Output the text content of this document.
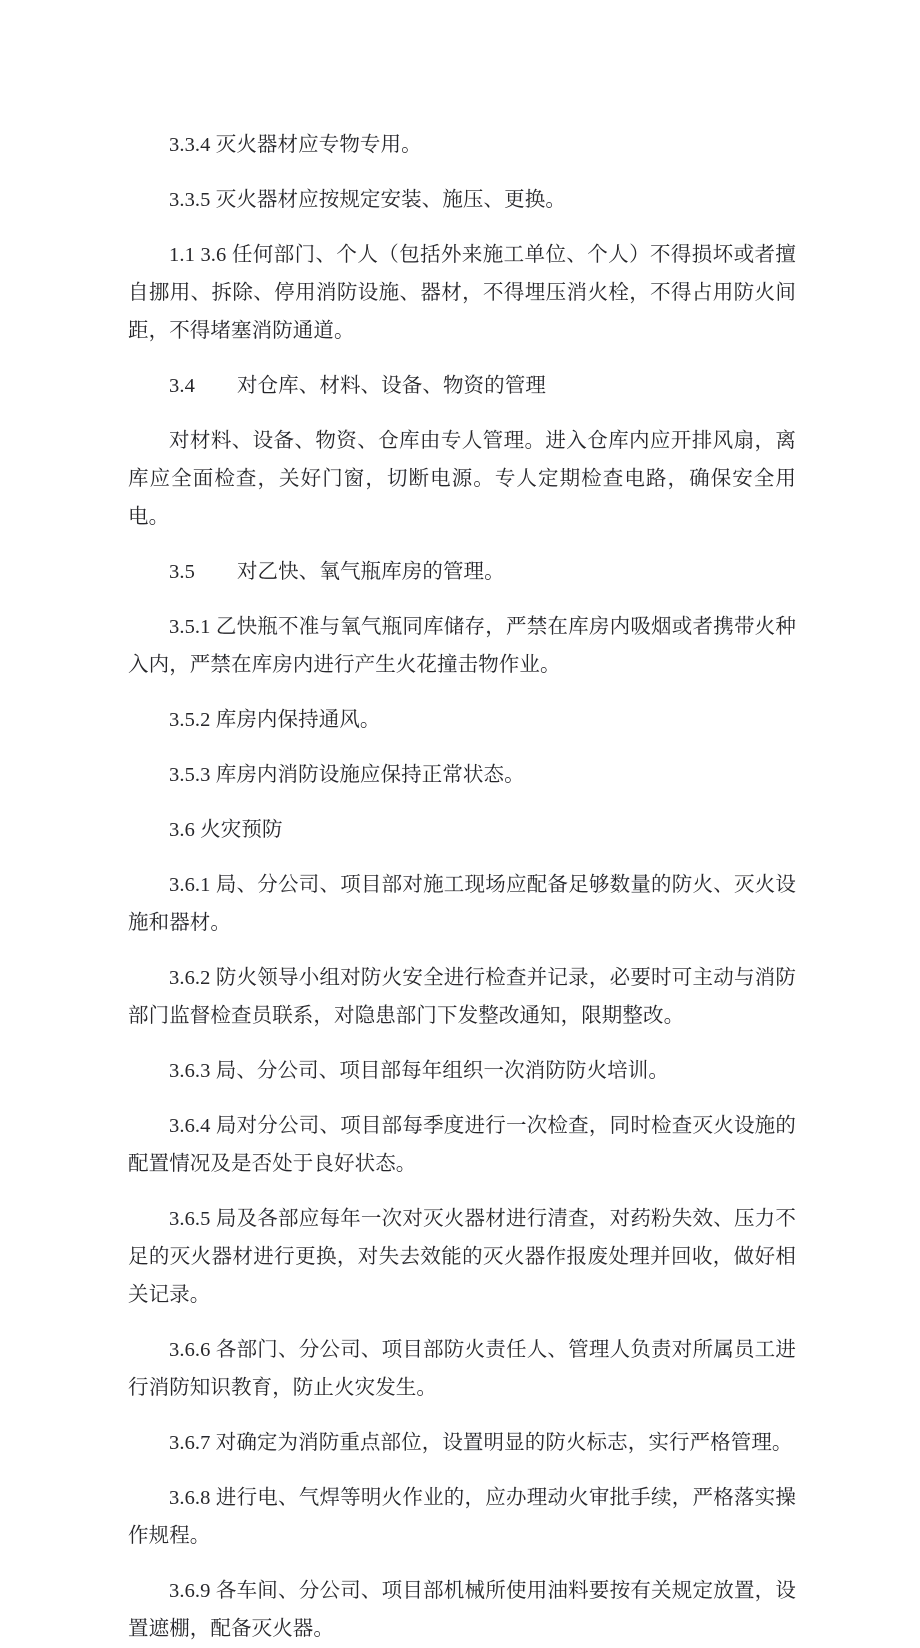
3.3.4 灭火器材应专物专用。

3.3.5 灭火器材应按规定安装、施压、更换。

1.1 3.6 任何部门、个人（包括外来施工单位、个人）不得损坏或者擅自挪用、拆除、停用消防设施、器材，不得埋压消火栓，不得占用防火间距，不得堵塞消防通道。

3.4 对仓库、材料、设备、物资的管理

对材料、设备、物资、仓库由专人管理。进入仓库内应开排风扇，离库应全面检查，关好门窗，切断电源。专人定期检查电路，确保安全用电。

3.5 对乙快、氧气瓶库房的管理。

3.5.1 乙快瓶不准与氧气瓶同库储存，严禁在库房内吸烟或者携带火种入内，严禁在库房内进行产生火花撞击物作业。

3.5.2 库房内保持通风。

3.5.3 库房内消防设施应保持正常状态。

3.6 火灾预防

3.6.1 局、分公司、项目部对施工现场应配备足够数量的防火、灭火设施和器材。

3.6.2 防火领导小组对防火安全进行检查并记录，必要时可主动与消防部门监督检查员联系，对隐患部门下发整改通知，限期整改。

3.6.3 局、分公司、项目部每年组织一次消防防火培训。

3.6.4 局对分公司、项目部每季度进行一次检查，同时检查灭火设施的配置情况及是否处于良好状态。

3.6.5 局及各部应每年一次对灭火器材进行清查，对药粉失效、压力不足的灭火器材进行更换，对失去效能的灭火器作报废处理并回收，做好相关记录。

3.6.6 各部门、分公司、项目部防火责任人、管理人负责对所属员工进行消防知识教育，防止火灾发生。

3.6.7 对确定为消防重点部位，设置明显的防火标志，实行严格管理。

3.6.8 进行电、气焊等明火作业的，应办理动火审批手续，严格落实操作规程。

3.6.9 各车间、分公司、项目部机械所使用油料要按有关规定放置，设置遮棚，配备灭火器。
